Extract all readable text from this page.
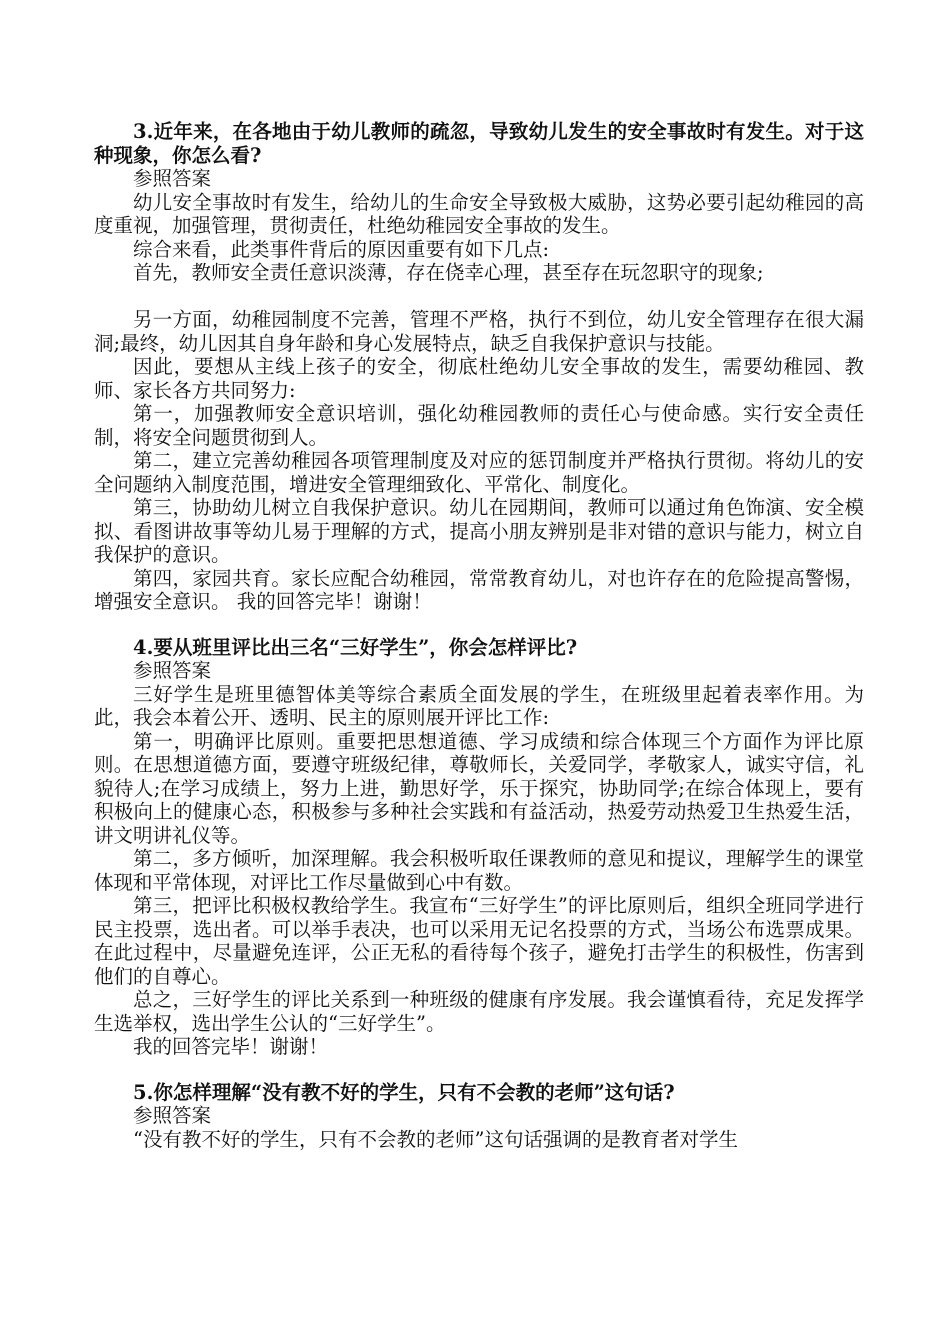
3.近年来，在各地由于幼儿教师的疏忽，导致幼儿发生的安全事故时有发生。对于这种现象，你怎么看?

参照答案

幼儿安全事故时有发生，给幼儿的生命安全导致极大威胁，这势必要引起幼稚园的高度重视，加强管理，贯彻责任，杜绝幼稚园安全事故的发生。

综合来看，此类事件背后的原因重要有如下几点:

首先，教师安全责任意识淡薄，存在侥幸心理，甚至存在玩忽职守的现象;

另一方面，幼稚园制度不完善，管理不严格，执行不到位，幼儿安全管理存在很大漏洞;最终，幼儿因其自身年龄和身心发展特点，缺乏自我保护意识与技能。

因此，要想从主线上孩子的安全，彻底杜绝幼儿安全事故的发生，需要幼稚园、教师、家长各方共同努力:

第一，加强教师安全意识培训，强化幼稚园教师的责任心与使命感。实行安全责任制，将安全问题贯彻到人。

第二，建立完善幼稚园各项管理制度及对应的惩罚制度并严格执行贯彻。将幼儿的安全问题纳入制度范围，增进安全管理细致化、平常化、制度化。

第三，协助幼儿树立自我保护意识。幼儿在园期间，教师可以通过角色饰演、安全模拟、看图讲故事等幼儿易于理解的方式，提高小朋友辨别是非对错的意识与能力，树立自我保护的意识。

第四，家园共育。家长应配合幼稚园，常常教育幼儿，对也许存在的危险提高警惕，增强安全意识。 我的回答完毕！谢谢！

4.要从班里评比出三名“三好学生”，你会怎样评比?

参照答案

三好学生是班里德智体美等综合素质全面发展的学生，在班级里起着表率作用。为此，我会本着公开、透明、民主的原则展开评比工作:

第一，明确评比原则。重要把思想道德、学习成绩和综合体现三个方面作为评比原则。在思想道德方面，要遵守班级纪律，尊敬师长，关爱同学，孝敬家人，诚实守信，礼貌待人;在学习成绩上，努力上进，勤思好学，乐于探究，协助同学;在综合体现上，要有积极向上的健康心态，积极参与多种社会实践和有益活动，热爱劳动热爱卫生热爱生活，讲文明讲礼仪等。

第二，多方倾听，加深理解。我会积极听取任课教师的意见和提议，理解学生的课堂体现和平常体现，对评比工作尽量做到心中有数。

第三，把评比积极权教给学生。我宣布“三好学生”的评比原则后，组织全班同学进行民主投票，选出者。可以举手表决，也可以采用无记名投票的方式，当场公布选票成果。在此过程中，尽量避免连评，公正无私的看待每个孩子，避免打击学生的积极性，伤害到他们的自尊心。

总之，三好学生的评比关系到一种班级的健康有序发展。我会谨慎看待，充足发挥学生选举权，选出学生公认的“三好学生”。

我的回答完毕！谢谢！

5.你怎样理解“没有教不好的学生，只有不会教的老师”这句话?

参照答案

“没有教不好的学生，只有不会教的老师”这句话强调的是教育者对学生
